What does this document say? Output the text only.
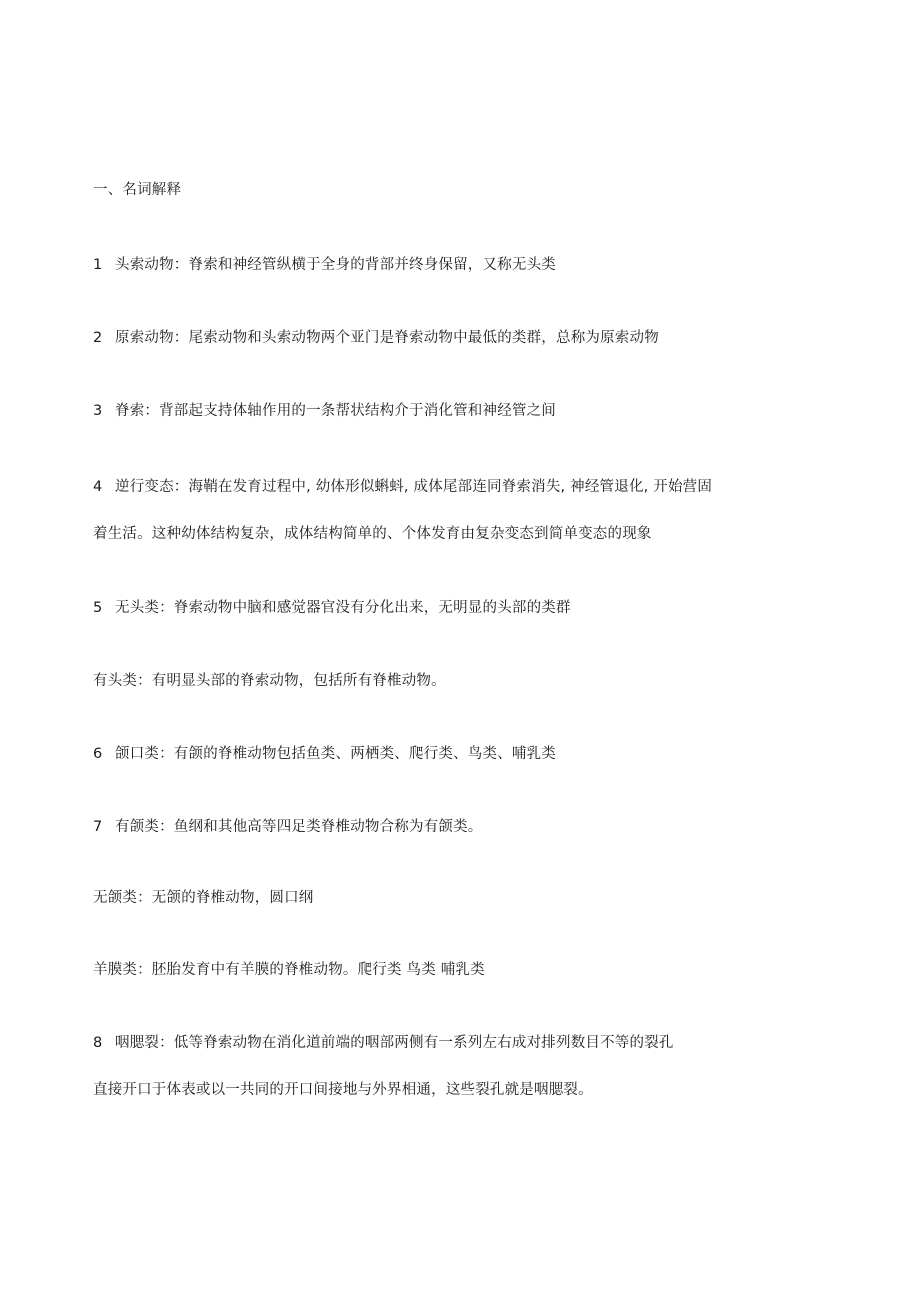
一、名词解释
1 头索动物：脊索和神经管纵横于全身的背部并终身保留，又称无头类
2 原索动物：尾索动物和头索动物两个亚门是脊索动物中最低的类群，总称为原索动物
3 脊索：背部起支持体轴作用的一条帮状结构介于消化管和神经管之间
4 逆行变态：海鞘在发育过程中, 幼体形似蝌蚪, 成体尾部连同脊索消失, 神经管退化, 开始营固
着生活。这种幼体结构复杂，成体结构简单的、个体发育由复杂变态到简单变态的现象
5 无头类：脊索动物中脑和感觉器官没有分化出来，无明显的头部的类群
有头类：有明显头部的脊索动物，包括所有脊椎动物。
6 颌口类：有颌的脊椎动物包括鱼类、两栖类、爬行类、鸟类、哺乳类
7 有颌类：鱼纲和其他高等四足类脊椎动物合称为有颌类。
无颌类：无颌的脊椎动物，圆口纲
羊膜类：胚胎发育中有羊膜的脊椎动物。爬行类 鸟类 哺乳类
8 咽腮裂：低等脊索动物在消化道前端的咽部两侧有一系列左右成对排列数目不等的裂孔
直接开口于体表或以一共同的开口间接地与外界相通，这些裂孔就是咽腮裂。
